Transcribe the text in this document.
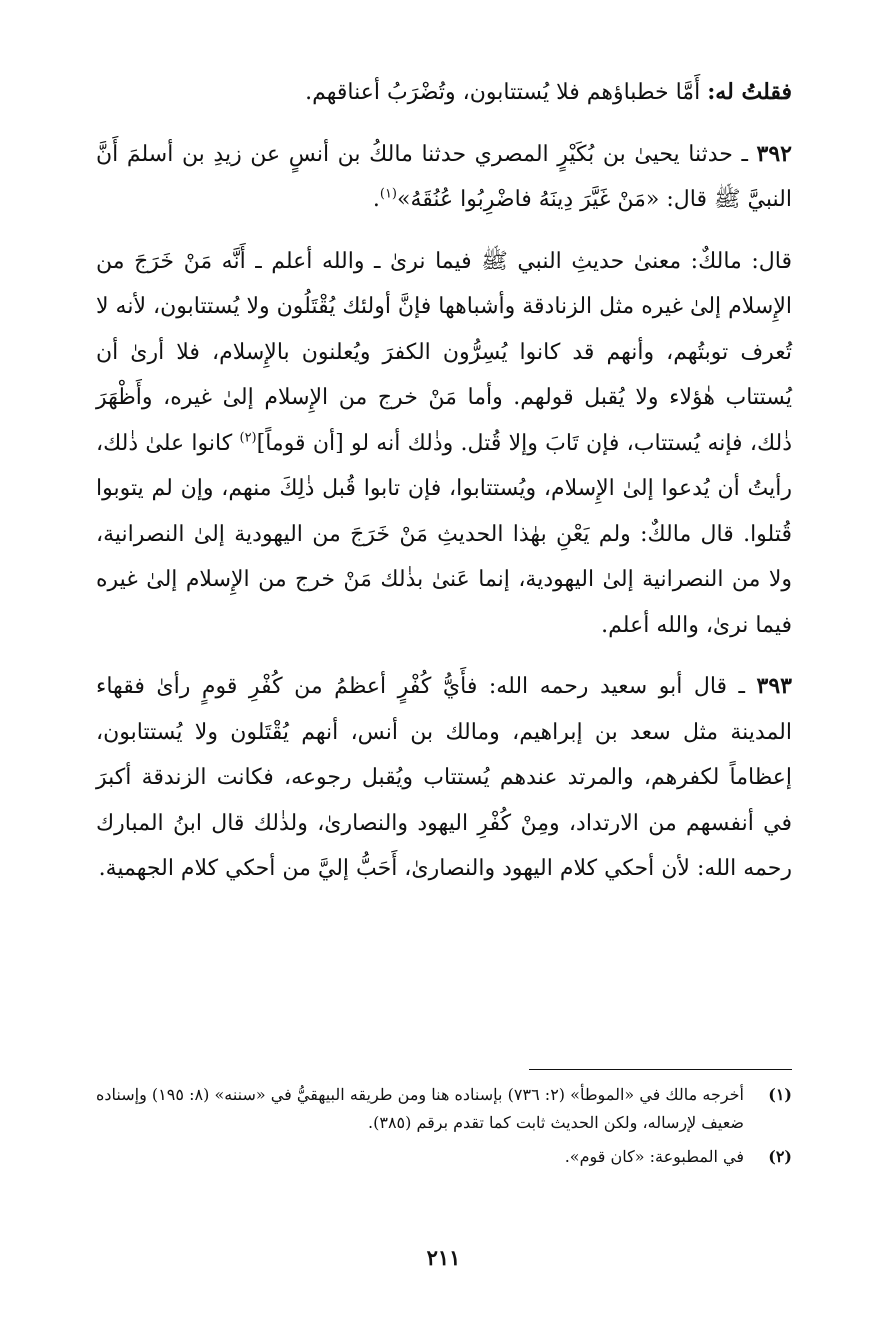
فقلتُ له: أَمَّا خطباؤهم فلا يُستتابون، وتُضْرَبُ أعناقهم.

٣٩٢ ـ حدثنا يحيىٰ بن بُكَيْرٍ المصري حدثنا مالكُ بن أنسٍ عن زيدِ بن أسلمَ أَنَّ النبيَّ ﷺ قال: «مَنْ غَيَّرَ دِينَهُ فاضْرِبُوا عُنُقَهُ»$^{(١)}$.

قال: مالكٌ: معنىٰ حديثِ النبي ﷺ فيما نرىٰ ـ والله أعلم ـ أَنَّه مَنْ خَرَجَ من الإِسلام إلىٰ غيره مثل الزنادقة وأشباهها فإنَّ أولئك يُقْتَلُون ولا يُستتابون، لأنه لا تُعرف توبتُهم، وأنهم قد كانوا يُسِرُّون الكفرَ ويُعلنون بالإِسلام، فلا أرىٰ أن يُستتاب هٰؤلاء ولا يُقبل قولهم. وأما مَنْ خرج من الإِسلام إلىٰ غيره، وأَظْهَرَ ذٰلك، فإنه يُستتاب، فإن تَابَ وإلا قُتل. وذٰلك أنه لو [أن قوماً]$^{(٢)}$ كانوا علىٰ ذٰلك، رأيتُ أن يُدعوا إلىٰ الإِسلام، ويُستتابوا، فإن تابوا قُبل ذٰلِكَ منهم، وإن لم يتوبوا قُتلوا. قال مالكٌ: ولم يَعْنِ بهٰذا الحديثِ مَنْ خَرَجَ من اليهودية إلىٰ النصرانية، ولا من النصرانية إلىٰ اليهودية، إنما عَنىٰ بذٰلك مَنْ خرج من الإِسلام إلىٰ غيره فيما نرىٰ، والله أعلم.

٣٩٣ ـ قال أبو سعيد رحمه الله: فأَيُّ كُفْرٍ أعظمُ من كُفْرِ قومٍ رأىٰ فقهاء المدينة مثل سعد بن إبراهيم، ومالك بن أنس، أنهم يُقْتَلون ولا يُستتابون، إعظاماً لكفرهم، والمرتد عندهم يُستتاب ويُقبل رجوعه، فكانت الزندقة أكبرَ في أنفسهم من الارتداد، ومِنْ كُفْرِ اليهود والنصارىٰ، ولذٰلك قال ابنُ المبارك رحمه الله: لأن أحكي كلام اليهود والنصارىٰ، أَحَبُّ إليَّ من أحكي كلام الجهمية.

(١)
أخرجه مالك في «الموطأ» (٢: ٧٣٦) بإسناده هنا ومن طريقه البيهقيُّ في «سننه» (٨: ١٩٥) وإسناده ضعيف لإرساله، ولكن الحديث ثابت كما تقدم برقم (٣٨٥).
(٢)
في المطبوعة: «كان قوم».
٢١١
